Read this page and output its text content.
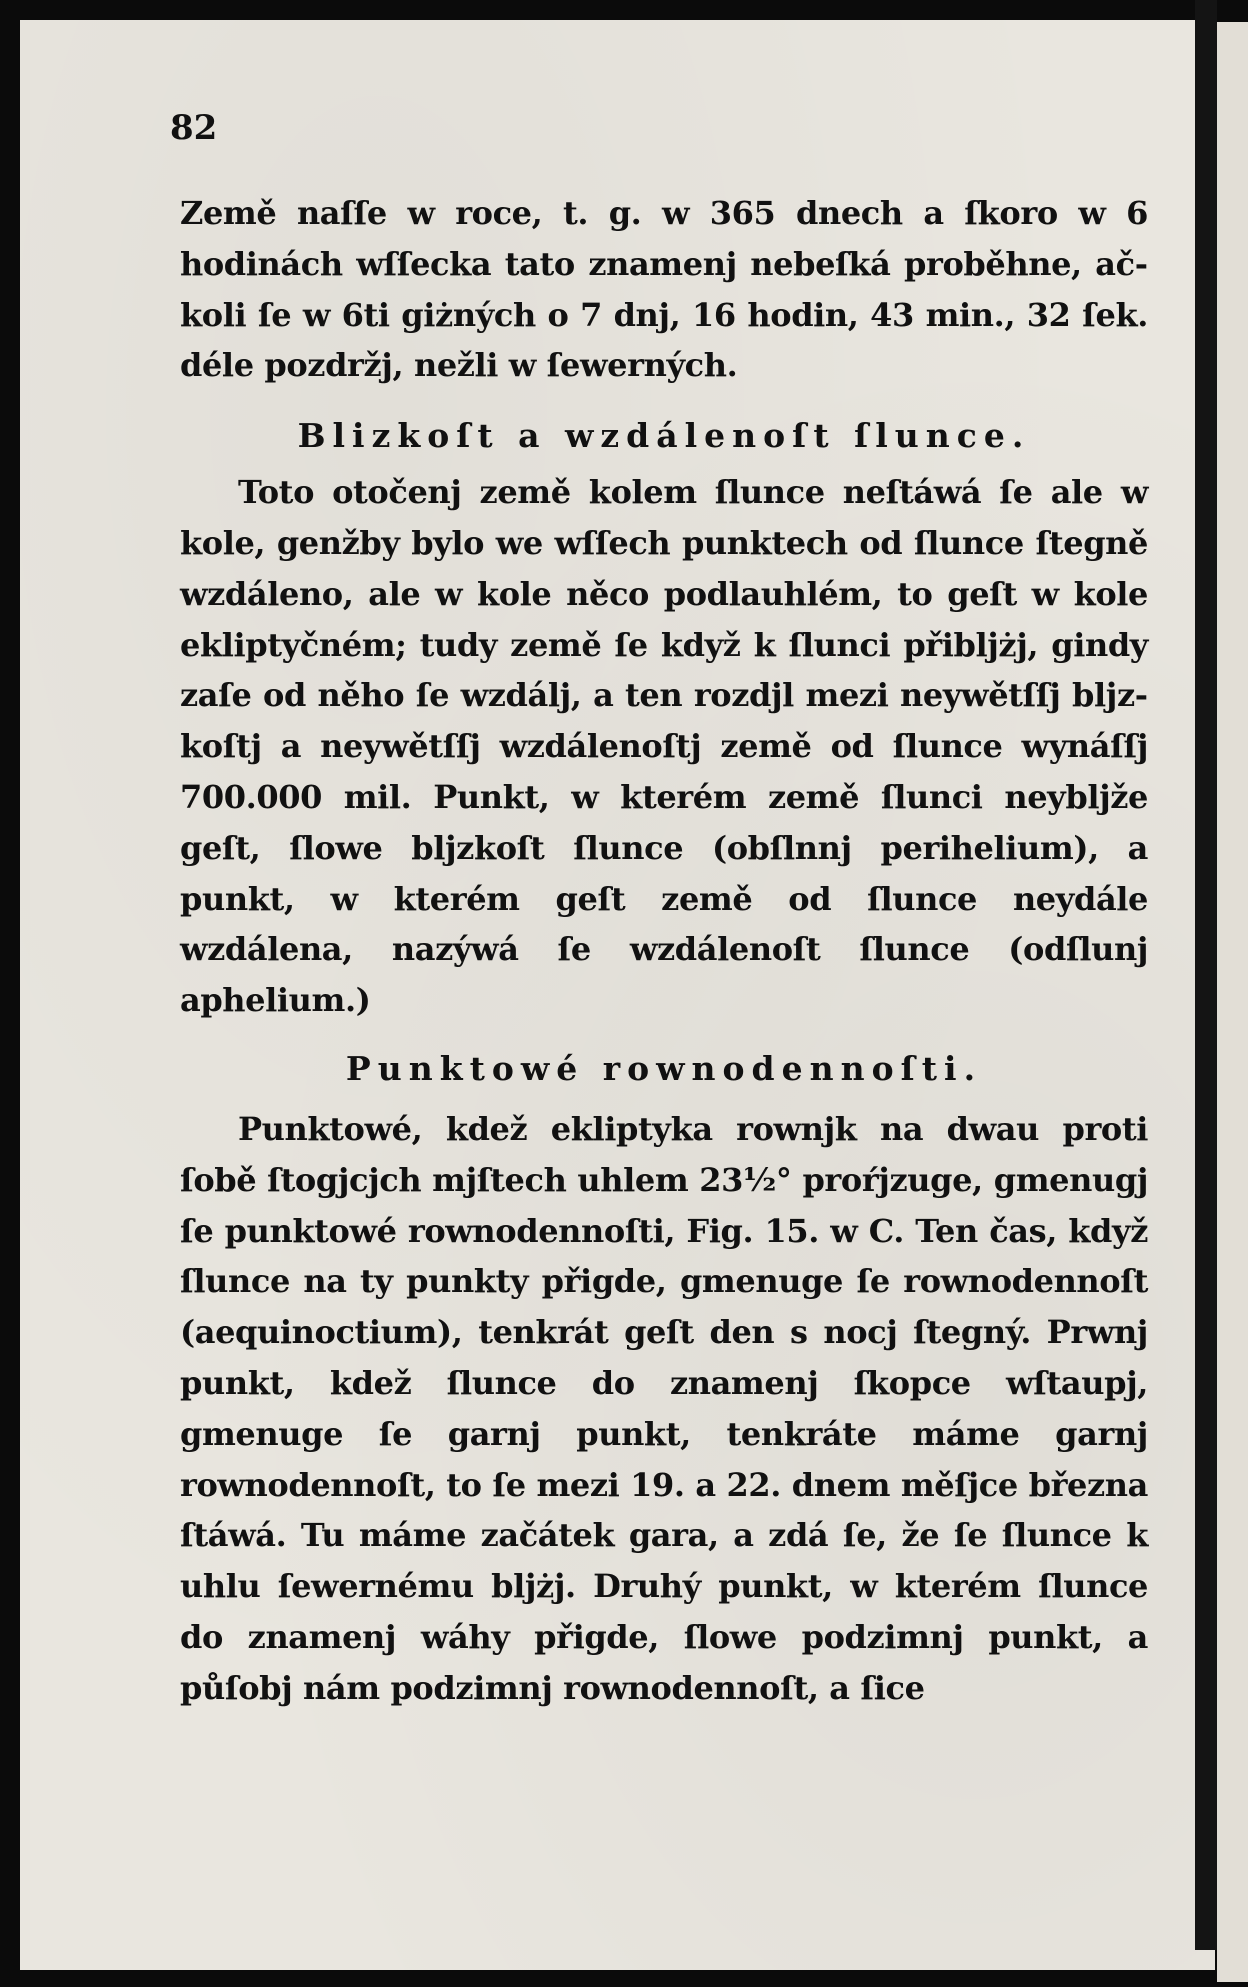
82

Země naſſe w roce, t. g. w 365 dnech a ſkoro w 6 hodinách wſſecka tato znamenj nebeſká proběhne, ačkoli ſe w 6ti giżných o 7 dnj, 16 hodin, 43 min., 32 ſek. déle pozdržj, nežli w ſewerných.

Blizkoſt a wzdálenoſt ſlunce.

Toto otočenj země kolem ſlunce neſtáwá ſe ale w kole, genžby bylo we wſſech punktech od ſlunce ſtegně wzdáleno, ale w kole něco podlauhlém, to geſt w kole ekliptyčném; tudy země ſe když k ſlunci přiblјżj, gindy zaſe od něho ſe wzdálj, a ten rozdjl mezi neywětſſj blјzkoſtj a neywětſſj wzdálenoſtj země od ſlunce wynáſſj 700.000 mil. Punkt, w kterém země ſlunci neyblјže geſt, ſlowe blјzkoſt ſlunce (obſlnnj perihelium), a punkt, w kterém geſt země od ſlunce neydále wzdálena, nazýwá ſe wzdálenoſt ſlunce (odſlunj aphelium.)

Punktowé rownodennoſti.

Punktowé, kdež ekliptyka rownjk na dwau proti ſobě ſtogjcjch mјſtech uhlem 23½° proŕјzuge, gmenugj ſe punktowé rownodennoſti, Fig. 15. w C. Ten čas, když ſlunce na ty punkty přigde, gmenuge ſe rownodennoſt (aequinoctium), tenkrát geſt den s nocj ſtegný. Prwnj punkt, kdež ſlunce do znamenj ſkopce wſtaupj, gmenuge ſe garnj punkt, tenkráte máme garnj rownodennoſt, to ſe mezi 19. a 22. dnem měſјce březnа ſtáwá. Tu máme začátek gara, a zdá ſe, že ſe ſlunce k uhlu ſewernému blјżј. Druhý punkt, w kterém ſlunce do znamenj wáhy přigde, ſlowe podzimnj punkt, a půſobj nám podzimnj rownodennoſt, a ſice
